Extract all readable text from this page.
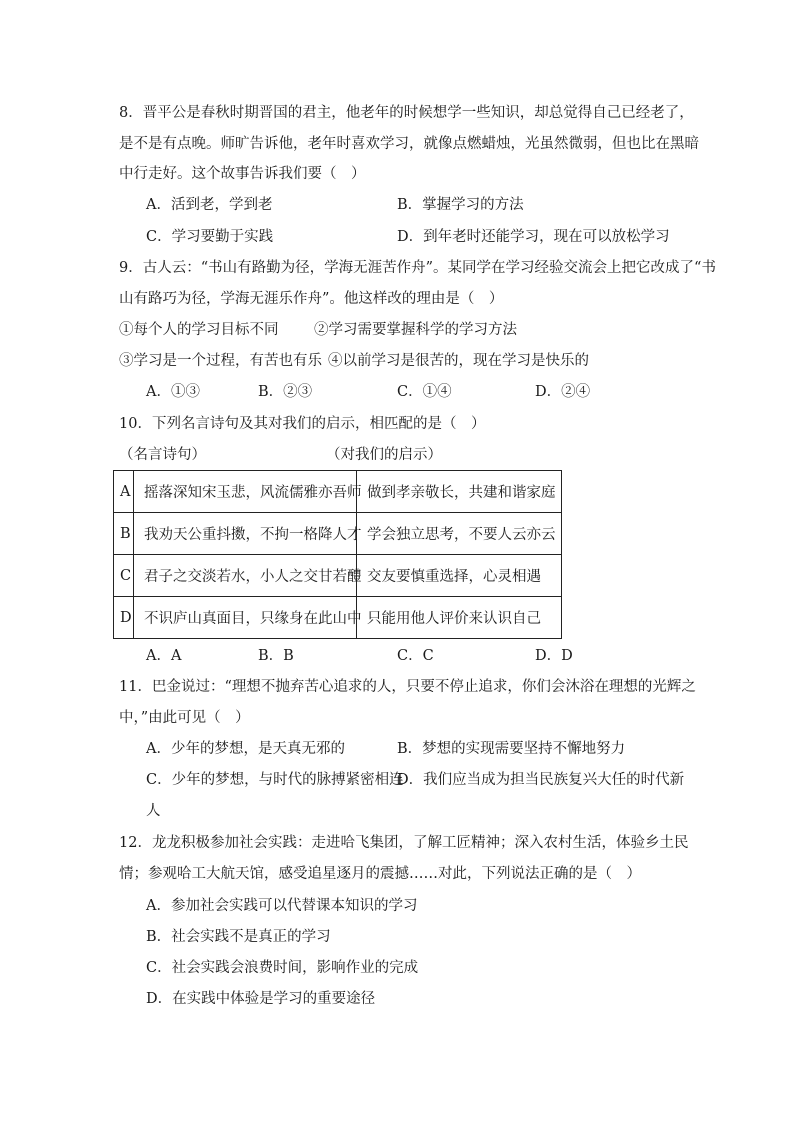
8．晋平公是春秋时期晋国的君主，他老年的时候想学一些知识，却总觉得自己已经老了，
是不是有点晚。师旷告诉他，老年时喜欢学习，就像点燃蜡烛，光虽然微弱，但也比在黑暗
中行走好。这个故事告诉我们要（　）
A．活到老，学到老	B．掌握学习的方法
C．学习要勤于实践	D．到年老时还能学习，现在可以放松学习
9．古人云：“书山有路勤为径，学海无涯苦作舟”。某同学在学习经验交流会上把它改成了“书
山有路巧为径，学海无涯乐作舟”。他这样改的理由是（　）
①每个人的学习目标不同 ②学习需要掌握科学的学习方法
③学习是一个过程，有苦也有乐 ④以前学习是很苦的，现在学习是快乐的
A．①③	B．②③	C．①④	D．②④
10．下列名言诗句及其对我们的启示，相匹配的是（　）
（名言诗句）	（对我们的启示）
A	摇落深知宋玉悲，风流儒雅亦吾师	做到孝亲敬长，共建和谐家庭
B	我劝天公重抖擞，不拘一格降人才	学会独立思考，不要人云亦云
C	君子之交淡若水，小人之交甘若醴	交友要慎重选择，心灵相遇
D	不识庐山真面目，只缘身在此山中	只能用他人评价来认识自己
A．A	B．B	C．C	D．D
11．巴金说过：“理想不抛弃苦心追求的人，只要不停止追求，你们会沐浴在理想的光辉之
中，”由此可见（　）
A．少年的梦想，是天真无邪的	B．梦想的实现需要坚持不懈地努力
C．少年的梦想，与时代的脉搏紧密相连
D．我们应当成为担当民族复兴大任的时代新
人
12．龙龙积极参加社会实践：走进哈飞集团，了解工匠精神；深入农村生活，体验乡土民
情；参观哈工大航天馆，感受追星逐月的震撼……对此，下列说法正确的是（　）
A．参加社会实践可以代替课本知识的学习
B．社会实践不是真正的学习
C．社会实践会浪费时间，影响作业的完成
D．在实践中体验是学习的重要途径
